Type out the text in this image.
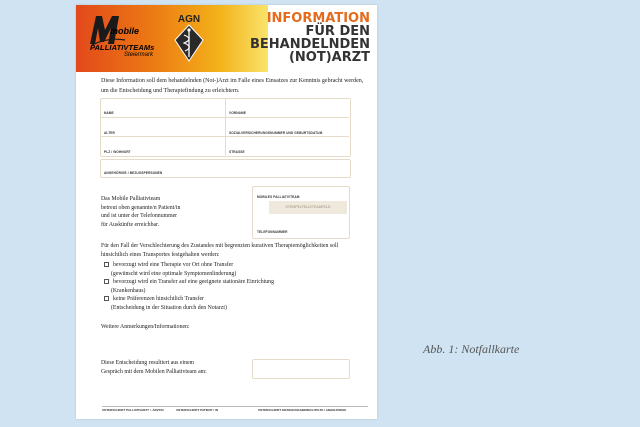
mobile
PALLIATIVTEAMs
Steiermark
AGN	INFORMATION
FÜR DEN
BEHANDELNDEN
(NOT)ARZT
Diese Information soll dem behandelnden (Not-)Arzt im Falle eines Einsatzes zur Kenntnis gebracht werden, um die Entscheidung und Therapiefindung zu erleichtern.
NAME	VORNAME
ALTER	SOZIALVERSICHERUNGSNUMMER UND GEBURTSDATUM
PLZ / WOHNORT	STRASSE
ANGEHÖRIGE / BEZUGSPERSONEN
Das Mobile Palliativteam
betreut oben genannte/n Patient/in
und ist unter der Telefonnummer
für Auskünfte erreichbar.
MOBILES PALLIATIVTEAM
STEMPELFELD/TEAMFELD
TELEFONNUMMER
Für den Fall der Verschlechterung des Zustandes mit begrenzten kurativen Therapiemöglichkeiten soll hinsichtlich eines Transportes festgehalten werden:
bevorzugt wird eine Therapie vor Ort ohne Transfer
(gewünscht wird eine optimale Symptomenlinderung)
bevorzugt wird ein Transfer auf eine geeignete stationäre Einrichtung
(Krankenhaus)
keine Präferenzen hinsichtlich Transfer
(Entscheidung in der Situation durch den Notarzt)
Weitere Anmerkungen/Informationen:
Diese Entscheidung resultiert aus einem
Gespräch mit dem Mobilen Palliativteam am:
UNTERSCHRIFT PALLIATIVARZT / -ÄRZTIN	UNTERSCHRIFT PATIENT / IN	UNTERSCHRIFT ERZIEHUNGSBERECHTIGTE / ANGEHÖRIGE
Abb. 1: Notfallkarte
